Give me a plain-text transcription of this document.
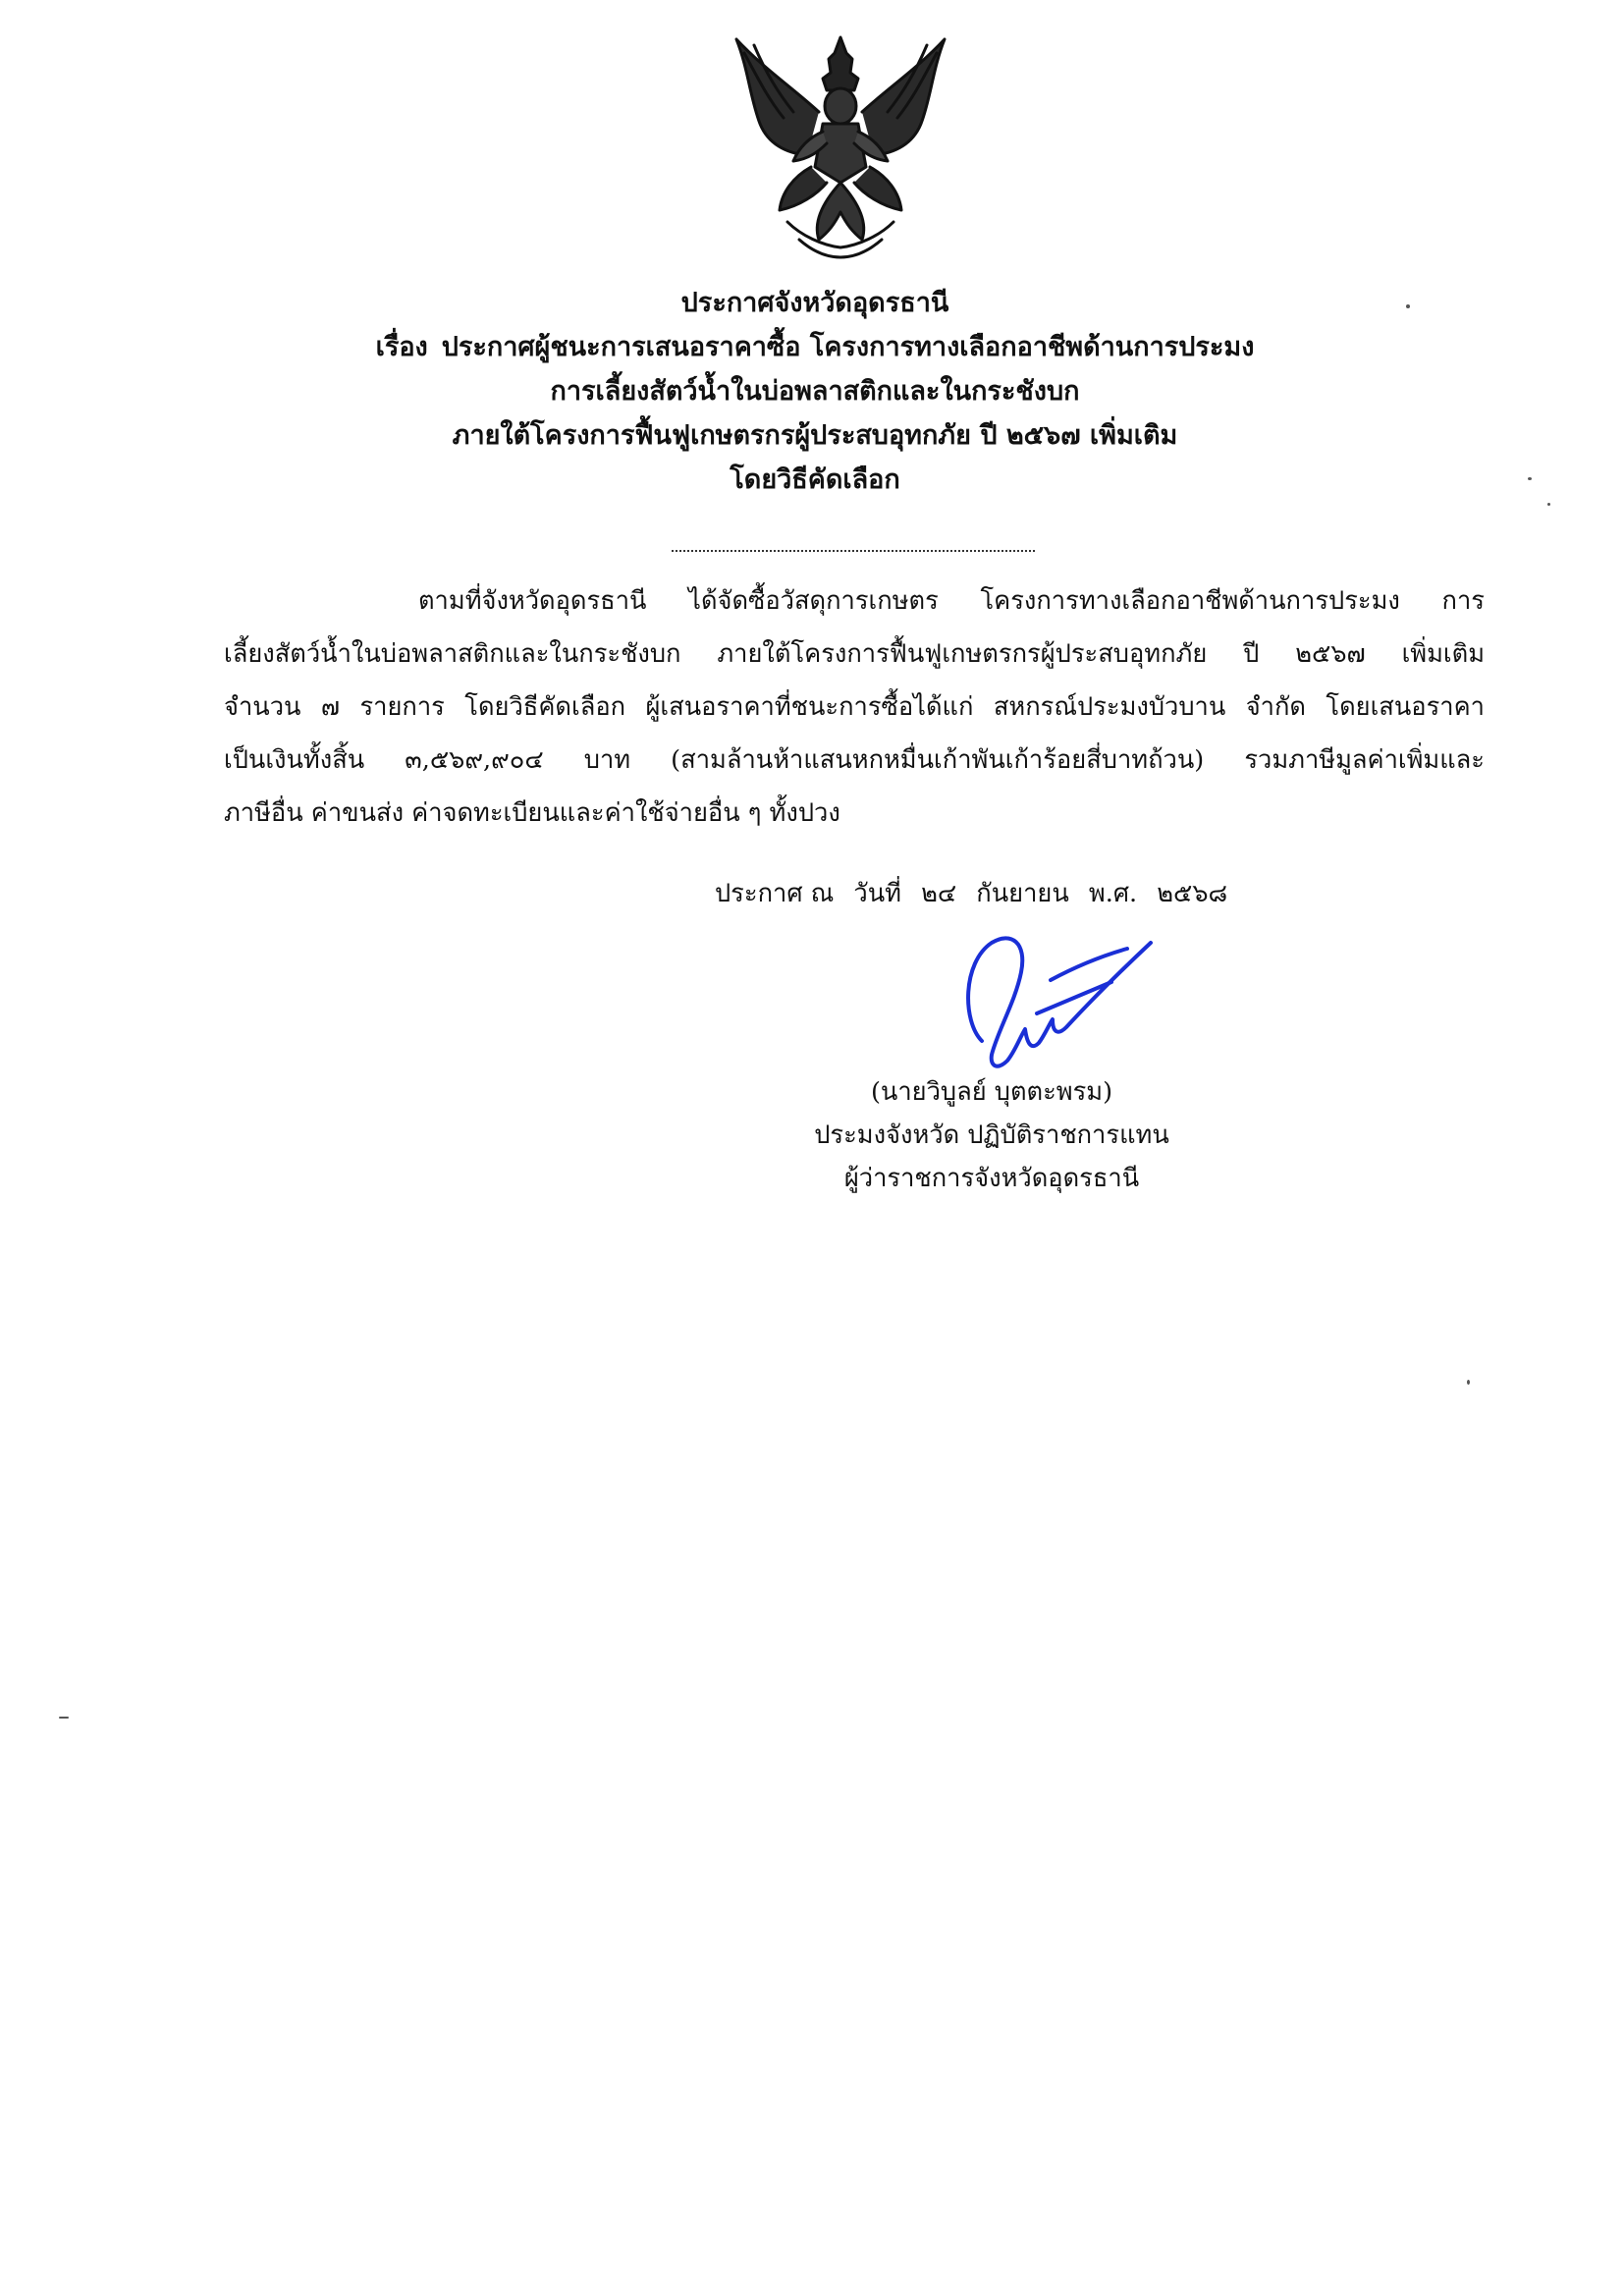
ประกาศจังหวัดอุดรธานี
เรื่อง ประกาศผู้ชนะการเสนอราคาซื้อ โครงการทางเลือกอาชีพด้านการประมง
การเลี้ยงสัตว์น้ำในบ่อพลาสติกและในกระชังบก
ภายใต้โครงการฟื้นฟูเกษตรกรผู้ประสบอุทกภัย ปี ๒๕๖๗ เพิ่มเติม
โดยวิธีคัดเลือก
ตามที่จังหวัดอุดรธานี ได้จัดซื้อวัสดุการเกษตร โครงการทางเลือกอาชีพด้านการประมง การ
เลี้ยงสัตว์น้ำในบ่อพลาสติกและในกระชังบก ภายใต้โครงการฟื้นฟูเกษตรกรผู้ประสบอุทกภัย ปี ๒๕๖๗ เพิ่มเติม
จำนวน ๗ รายการ โดยวิธีคัดเลือก ผู้เสนอราคาที่ชนะการซื้อได้แก่ สหกรณ์ประมงบัวบาน จำกัด โดยเสนอราคา
เป็นเงินทั้งสิ้น ๓,๕๖๙,๙๐๔ บาท (สามล้านห้าแสนหกหมื่นเก้าพันเก้าร้อยสี่บาทถ้วน) รวมภาษีมูลค่าเพิ่มและ
ภาษีอื่น ค่าขนส่ง ค่าจดทะเบียนและค่าใช้จ่ายอื่น ๆ ทั้งปวง
ประกาศ ณ วันที่ ๒๔ กันยายน พ.ศ. ๒๕๖๘
(นายวิบูลย์ บุตตะพรม)
ประมงจังหวัด ปฏิบัติราชการแทน
ผู้ว่าราชการจังหวัดอุดรธานี
